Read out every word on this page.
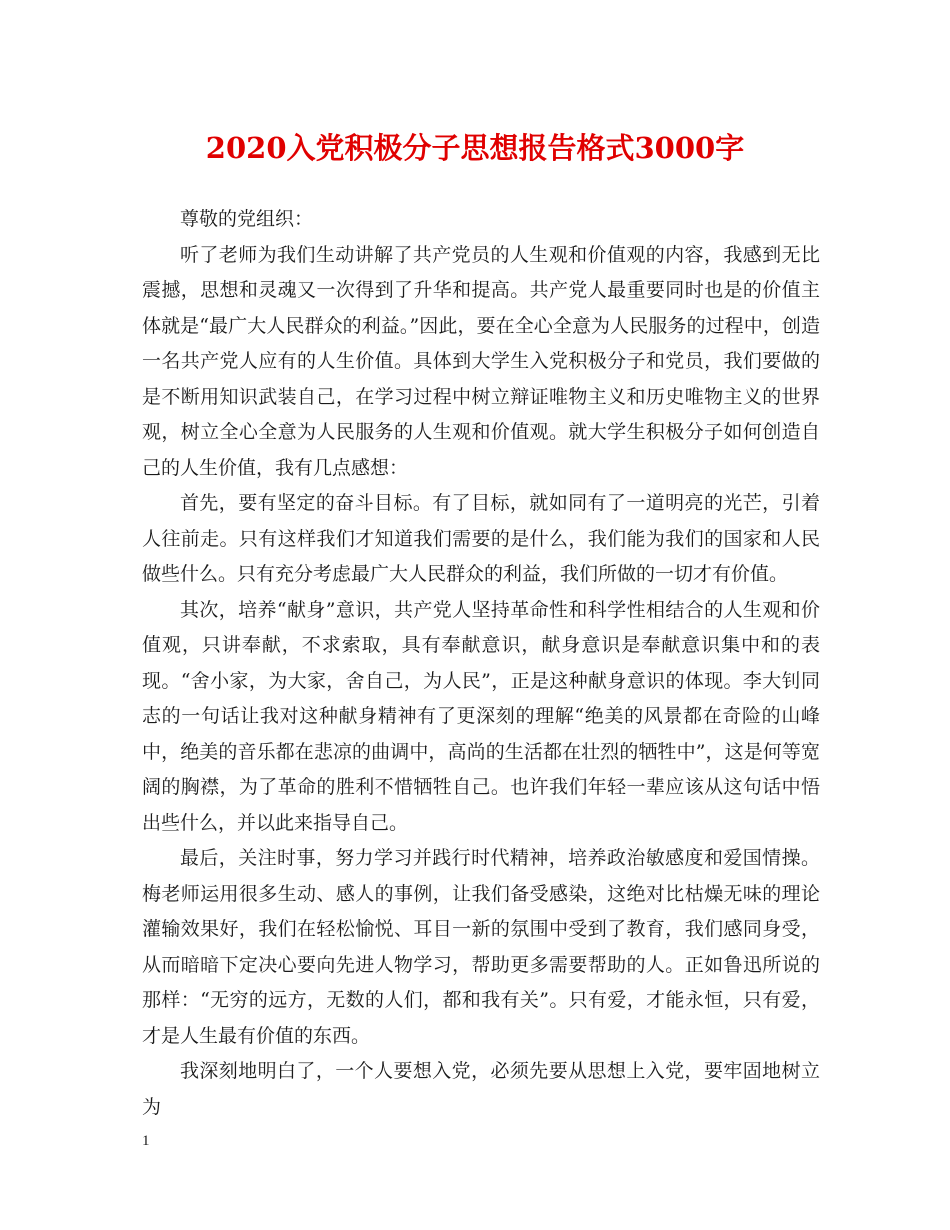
2020入党积极分子思想报告格式3000字

尊敬的党组织：

听了老师为我们生动讲解了共产党员的人生观和价值观的内容，我感到无比震撼，思想和灵魂又一次得到了升华和提高。共产党人最重要同时也是的价值主体就是“最广大人民群众的利益。”因此，要在全心全意为人民服务的过程中，创造一名共产党人应有的人生价值。具体到大学生入党积极分子和党员，我们要做的是不断用知识武装自己，在学习过程中树立辩证唯物主义和历史唯物主义的世界观，树立全心全意为人民服务的人生观和价值观。就大学生积极分子如何创造自己的人生价值，我有几点感想：

首先，要有坚定的奋斗目标。有了目标，就如同有了一道明亮的光芒，引着人往前走。只有这样我们才知道我们需要的是什么，我们能为我们的国家和人民做些什么。只有充分考虑最广大人民群众的利益，我们所做的一切才有价值。

其次，培养“献身”意识，共产党人坚持革命性和科学性相结合的人生观和价值观，只讲奉献，不求索取，具有奉献意识，献身意识是奉献意识集中和的表现。“舍小家，为大家，舍自己，为人民”，正是这种献身意识的体现。李大钊同志的一句话让我对这种献身精神有了更深刻的理解“绝美的风景都在奇险的山峰中，绝美的音乐都在悲凉的曲调中，高尚的生活都在壮烈的牺牲中”，这是何等宽阔的胸襟，为了革命的胜利不惜牺牲自己。也许我们年轻一辈应该从这句话中悟出些什么，并以此来指导自己。

最后，关注时事，努力学习并践行时代精神，培养政治敏感度和爱国情操。梅老师运用很多生动、感人的事例，让我们备受感染，这绝对比枯燥无味的理论灌输效果好，我们在轻松愉悦、耳目一新的氛围中受到了教育，我们感同身受，从而暗暗下定决心要向先进人物学习，帮助更多需要帮助的人。正如鲁迅所说的那样：“无穷的远方，无数的人们，都和我有关”。只有爱，才能永恒，只有爱，才是人生最有价值的东西。

我深刻地明白了，一个人要想入党，必须先要从思想上入党，要牢固地树立为

1
